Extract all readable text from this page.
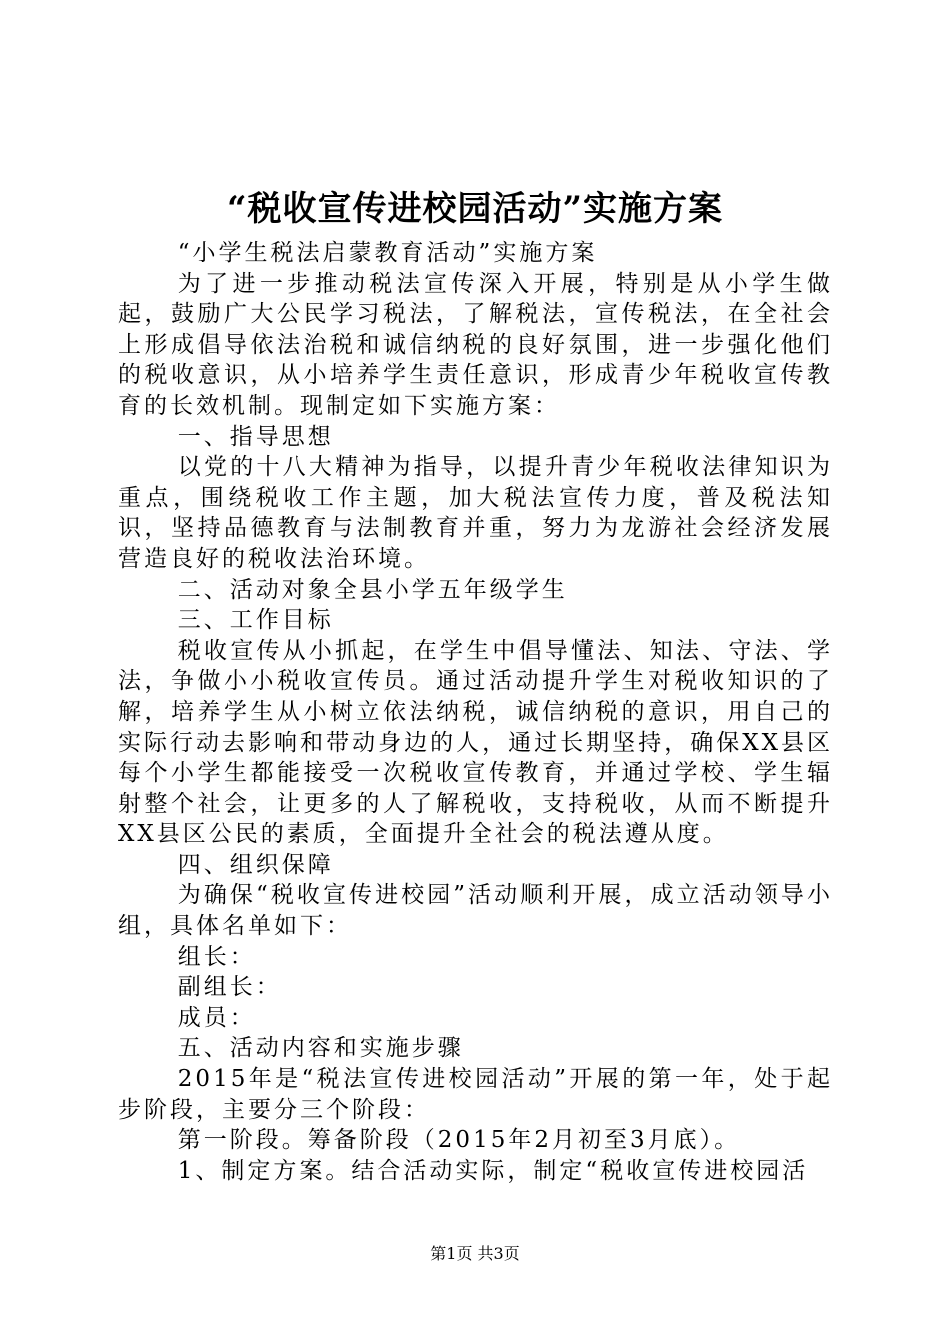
“税收宣传进校园活动”实施方案

“小学生税法启蒙教育活动”实施方案

为了进一步推动税法宣传深入开展，特别是从小学生做起，鼓励广大公民学习税法，了解税法，宣传税法，在全社会上形成倡导依法治税和诚信纳税的良好氛围，进一步强化他们的税收意识，从小培养学生责任意识，形成青少年税收宣传教育的长效机制。现制定如下实施方案：

一、指导思想

以党的十八大精神为指导，以提升青少年税收法律知识为重点，围绕税收工作主题，加大税法宣传力度，普及税法知识，坚持品德教育与法制教育并重，努力为龙游社会经济发展营造良好的税收法治环境。

二、活动对象全县小学五年级学生

三、工作目标

税收宣传从小抓起，在学生中倡导懂法、知法、守法、学法，争做小小税收宣传员。通过活动提升学生对税收知识的了解，培养学生从小树立依法纳税，诚信纳税的意识，用自己的实际行动去影响和带动身边的人，通过长期坚持，确保XX县区每个小学生都能接受一次税收宣传教育，并通过学校、学生辐射整个社会，让更多的人了解税收，支持税收，从而不断提升XX县区公民的素质，全面提升全社会的税法遵从度。

四、组织保障

为确保“税收宣传进校园”活动顺利开展，成立活动领导小组，具体名单如下：

组长：

副组长：

成员：

五、活动内容和实施步骤

2015年是“税法宣传进校园活动”开展的第一年，处于起步阶段，主要分三个阶段：

第一阶段。筹备阶段（2015年2月初至3月底）。

1、制定方案。结合活动实际，制定“税收宣传进校园活

第1页 共3页
